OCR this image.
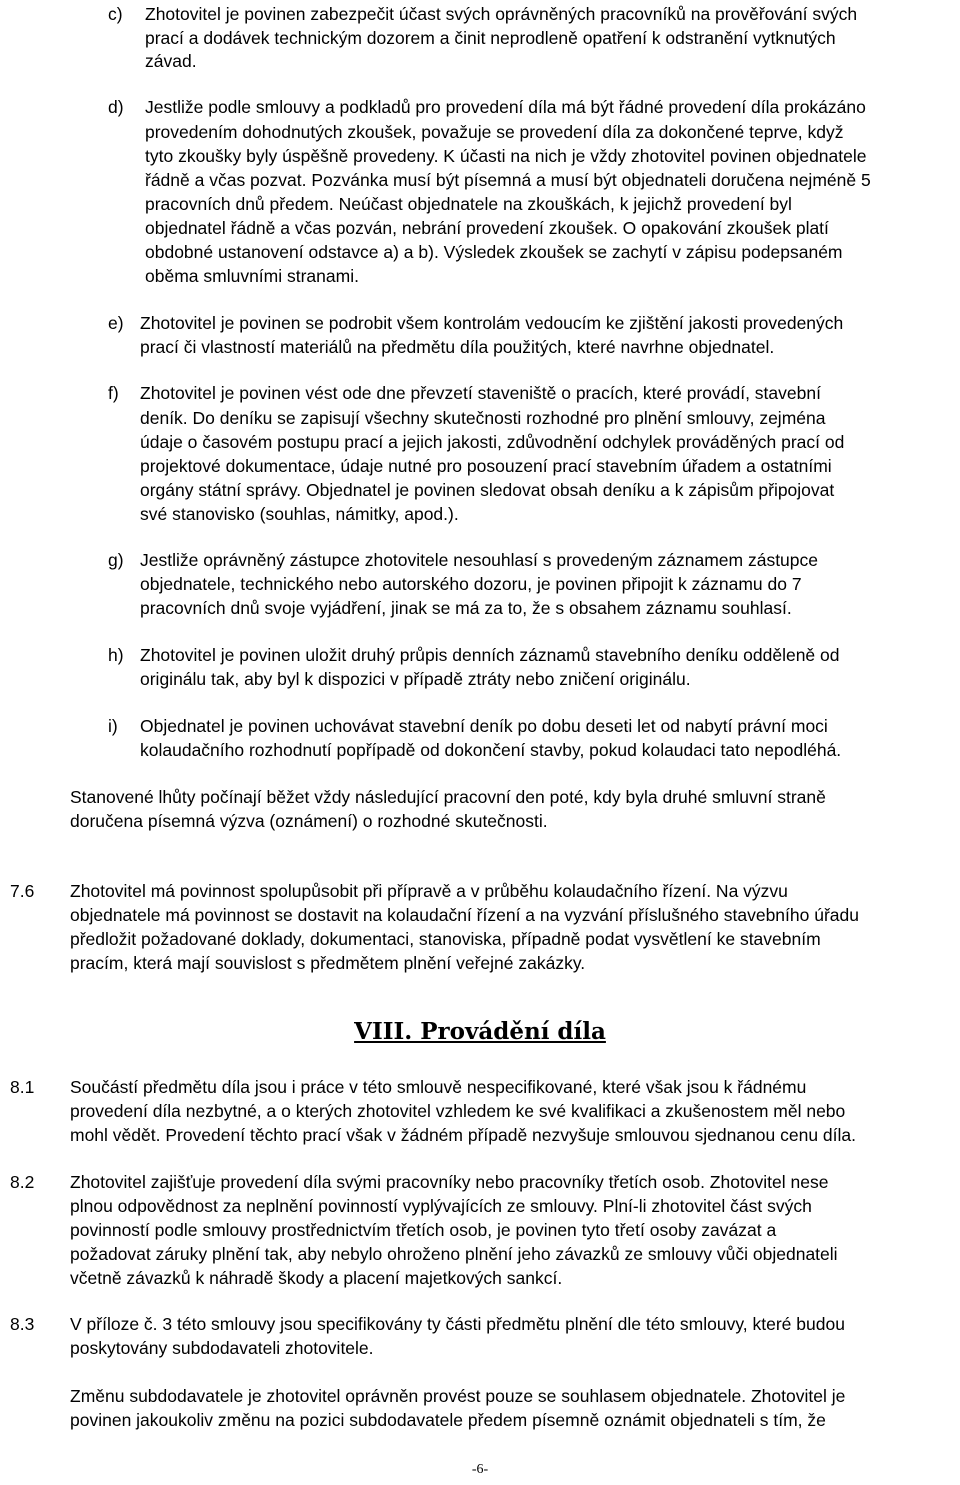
c) Zhotovitel je povinen zabezpečit účast svých oprávněných pracovníků na prověřování svých
prací a dodávek technickým dozorem a činit neprodleně opatření k odstranění vytknutých
závad.
d) Jestliže podle smlouvy a podkladů pro provedení díla má být řádné provedení díla prokázáno
provedením dohodnutých zkoušek, považuje se provedení díla za dokončené teprve, když
tyto zkoušky byly úspěšně provedeny. K účasti na nich je vždy zhotovitel povinen objednatele
řádně a včas pozvat. Pozvánka musí být písemná a musí být objednateli doručena nejméně 5
pracovních dnů předem. Neúčast objednatele na zkouškách, k jejichž provedení byl
objednatel řádně a včas pozván, nebrání provedení zkoušek. O opakování zkoušek platí
obdobné ustanovení odstavce a) a b). Výsledek zkoušek se zachytí v zápisu podepsaném
oběma smluvními stranami.
e) Zhotovitel je povinen se podrobit všem kontrolám vedoucím ke zjištění jakosti provedených
prací či vlastností materiálů na předmětu díla použitých, které navrhne objednatel.
f) Zhotovitel je povinen vést ode dne převzetí staveniště o pracích, které provádí, stavební
deník. Do deníku se zapisují všechny skutečnosti rozhodné pro plnění smlouvy, zejména
údaje o časovém postupu prací a jejich jakosti, zdůvodnění odchylek prováděných prací od
projektové dokumentace, údaje nutné pro posouzení prací stavebním úřadem a ostatními
orgány státní správy. Objednatel je povinen sledovat obsah deníku a k zápisům připojovat
své stanovisko (souhlas, námitky, apod.).
g) Jestliže oprávněný zástupce zhotovitele nesouhlasí s provedeným záznamem zástupce
objednatele, technického nebo autorského dozoru, je povinen připojit k záznamu do 7
pracovních dnů svoje vyjádření, jinak se má za to, že s obsahem záznamu souhlasí.
h) Zhotovitel je povinen uložit druhý průpis denních záznamů stavebního deníku odděleně od
originálu tak, aby byl k dispozici v případě ztráty nebo zničení originálu.
i) Objednatel je povinen uchovávat stavební deník po dobu deseti let od nabytí právní moci
kolaudačního rozhodnutí popřípadě od dokončení stavby, pokud kolaudaci tato nepodléhá.
Stanovené lhůty počínají běžet vždy následující pracovní den poté, kdy byla druhé smluvní straně
doručena písemná výzva (oznámení) o rozhodné skutečnosti.
7.6 Zhotovitel má povinnost spolupůsobit při přípravě a v průběhu kolaudačního řízení. Na výzvu
objednatele má povinnost se dostavit na kolaudační řízení a na vyzvání příslušného stavebního úřadu
předložit požadované doklady, dokumentaci, stanoviska, případně podat vysvětlení ke stavebním
pracím, která mají souvislost s předmětem plnění veřejné zakázky.
VIII. Provádění díla
8.1 Součástí předmětu díla jsou i práce v této smlouvě nespecifikované, které však jsou k řádnému
provedení díla nezbytné, a o kterých zhotovitel vzhledem ke své kvalifikaci a zkušenostem měl nebo
mohl vědět. Provedení těchto prací však v žádném případě nezvyšuje smlouvou sjednanou cenu díla.
8.2 Zhotovitel zajišťuje provedení díla svými pracovníky nebo pracovníky třetích osob. Zhotovitel nese
plnou odpovědnost za neplnění povinností vyplývajících ze smlouvy. Plní-li zhotovitel část svých
povinností podle smlouvy prostřednictvím třetích osob, je povinen tyto třetí osoby zavázat a
požadovat záruky plnění tak, aby nebylo ohroženo plnění jeho závazků ze smlouvy vůči objednateli
včetně závazků k náhradě škody a placení majetkových sankcí.
8.3 V příloze č. 3 této smlouvy jsou specifikovány ty části předmětu plnění dle této smlouvy, které budou
poskytovány subdodavateli zhotovitele.
Změnu subdodavatele je zhotovitel oprávněn provést pouze se souhlasem objednatele. Zhotovitel je
povinen jakoukoliv změnu na pozici subdodavatele předem písemně oznámit objednateli s tím, že
-6-
